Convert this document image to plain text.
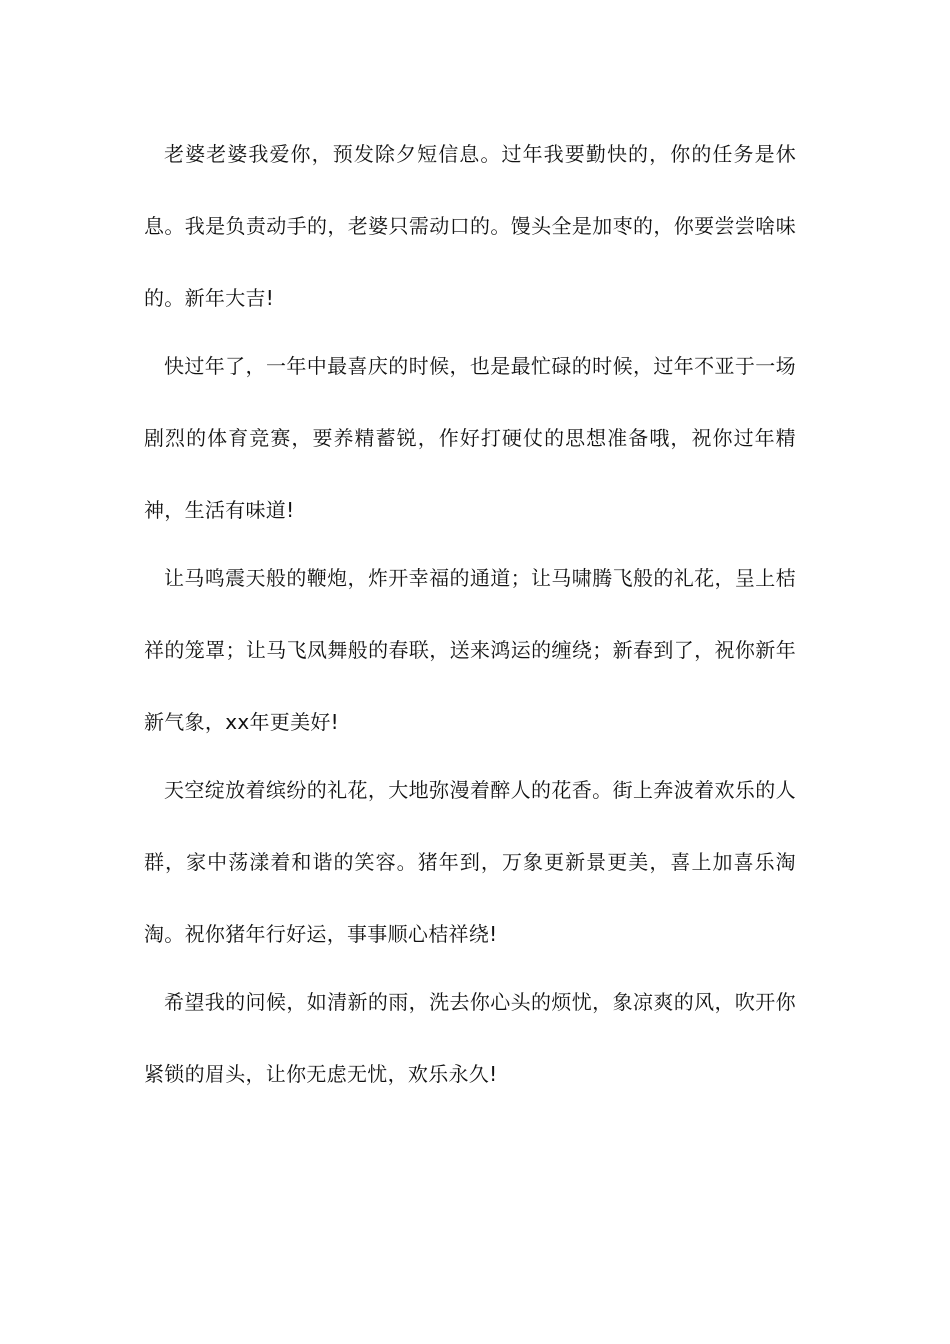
老婆老婆我爱你，预发除夕短信息。过年我要勤快的，你的任务是休息。我是负责动手的，老婆只需动口的。馒头全是加枣的，你要尝尝啥味的。新年大吉!

快过年了，一年中最喜庆的时候，也是最忙碌的时候，过年不亚于一场剧烈的体育竞赛，要养精蓄锐，作好打硬仗的思想准备哦，祝你过年精神，生活有味道!

让马鸣震天般的鞭炮，炸开幸福的通道；让马啸腾飞般的礼花，呈上桔祥的笼罩；让马飞凤舞般的春联，送来鸿运的缠绕；新春到了，祝你新年新气象，xx年更美好!

天空绽放着缤纷的礼花，大地弥漫着醉人的花香。街上奔波着欢乐的人群，家中荡漾着和谐的笑容。猪年到，万象更新景更美，喜上加喜乐淘淘。祝你猪年行好运，事事顺心桔祥绕!

希望我的问候，如清新的雨，洗去你心头的烦忧，象凉爽的风，吹开你紧锁的眉头，让你无虑无忧，欢乐永久!
